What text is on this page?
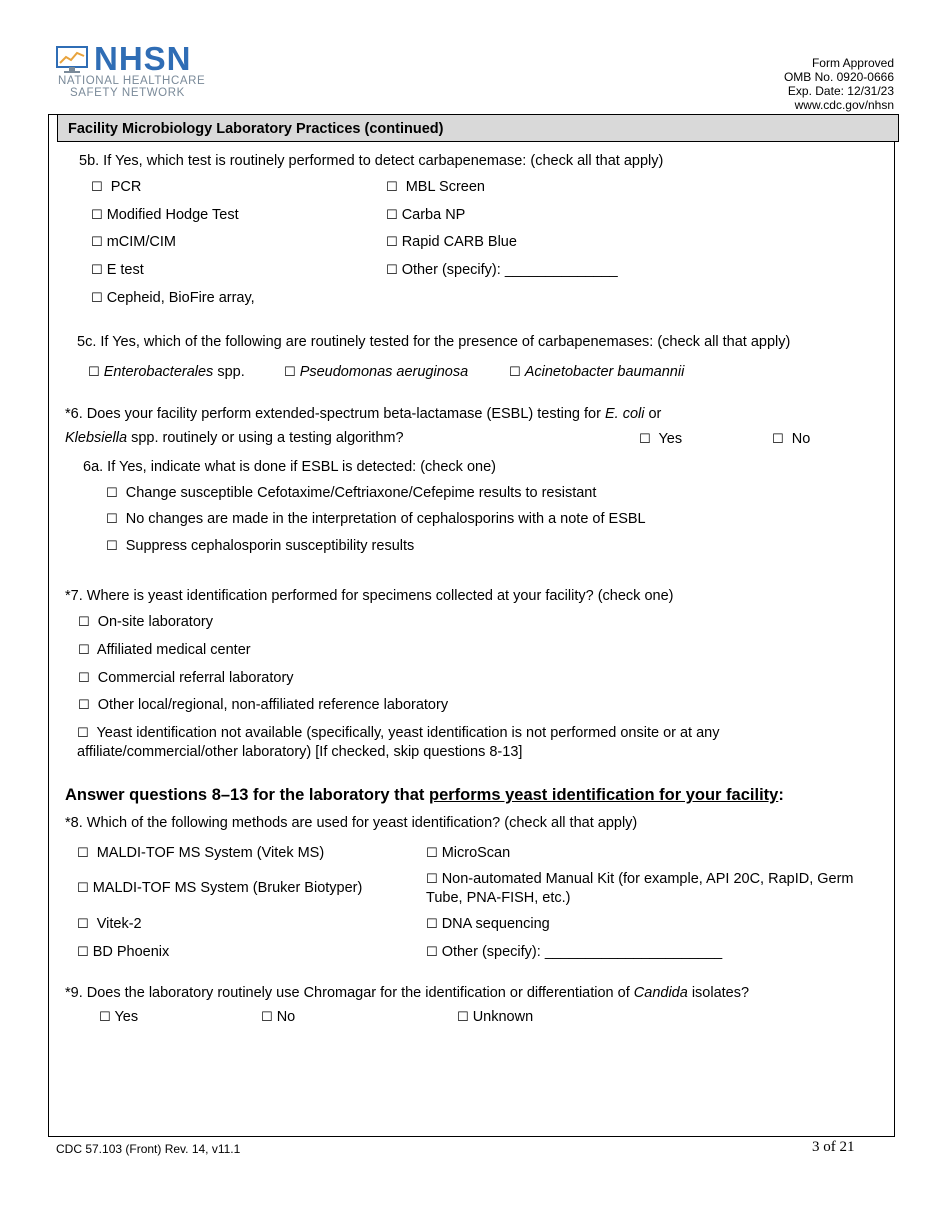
NHSN
NATIONAL HEALTHCARE
SAFETY NETWORK
Form Approved
OMB No. 0920-0666
Exp. Date: 12/31/23
www.cdc.gov/nhsn
Facility Microbiology Laboratory Practices (continued)
5b. If Yes, which test is routinely performed to detect carbapenemase: (check all that apply)
☐ PCR
☐ Modified Hodge Test
☐ mCIM/CIM
☐ E test
☐ Cepheid, BioFire array,
☐ MBL Screen
☐ Carba NP
☐ Rapid CARB Blue
☐ Other (specify): ______________
5c. If Yes, which of the following are routinely tested for the presence of carbapenemases: (check all that apply)
☐ Enterobacterales spp.	☐ Pseudomonas aeruginosa	☐ Acinetobacter baumannii
*6. Does your facility perform extended-spectrum beta-lactamase (ESBL) testing for E. coli or
Klebsiella spp. routinely or using a testing algorithm?	☐ Yes	☐ No
6a. If Yes, indicate what is done if ESBL is detected: (check one)
☐ Change susceptible Cefotaxime/Ceftriaxone/Cefepime results to resistant
☐ No changes are made in the interpretation of cephalosporins with a note of ESBL
☐ Suppress cephalosporin susceptibility results
*7. Where is yeast identification performed for specimens collected at your facility? (check one)
☐ On-site laboratory
☐ Affiliated medical center
☐ Commercial referral laboratory
☐ Other local/regional, non-affiliated reference laboratory
☐ Yeast identification not available (specifically, yeast identification is not performed onsite or at any
affiliate/commercial/other laboratory) [If checked, skip questions 8-13]
Answer questions 8–13 for the laboratory that performs yeast identification for your facility:
*8. Which of the following methods are used for yeast identification? (check all that apply)
☐ MALDI-TOF MS System (Vitek MS)
☐ MALDI-TOF MS System (Bruker Biotyper)
☐ Vitek-2
☐ BD Phoenix
☐ MicroScan
☐ Non-automated Manual Kit (for example, API 20C, RapID, Germ
Tube, PNA-FISH, etc.)
☐ DNA sequencing
☐ Other (specify): ______________________
*9. Does the laboratory routinely use Chromagar for the identification or differentiation of Candida isolates?
☐ Yes	☐ No	☐ Unknown
CDC 57.103 (Front) Rev. 14, v11.1	3 of 21
